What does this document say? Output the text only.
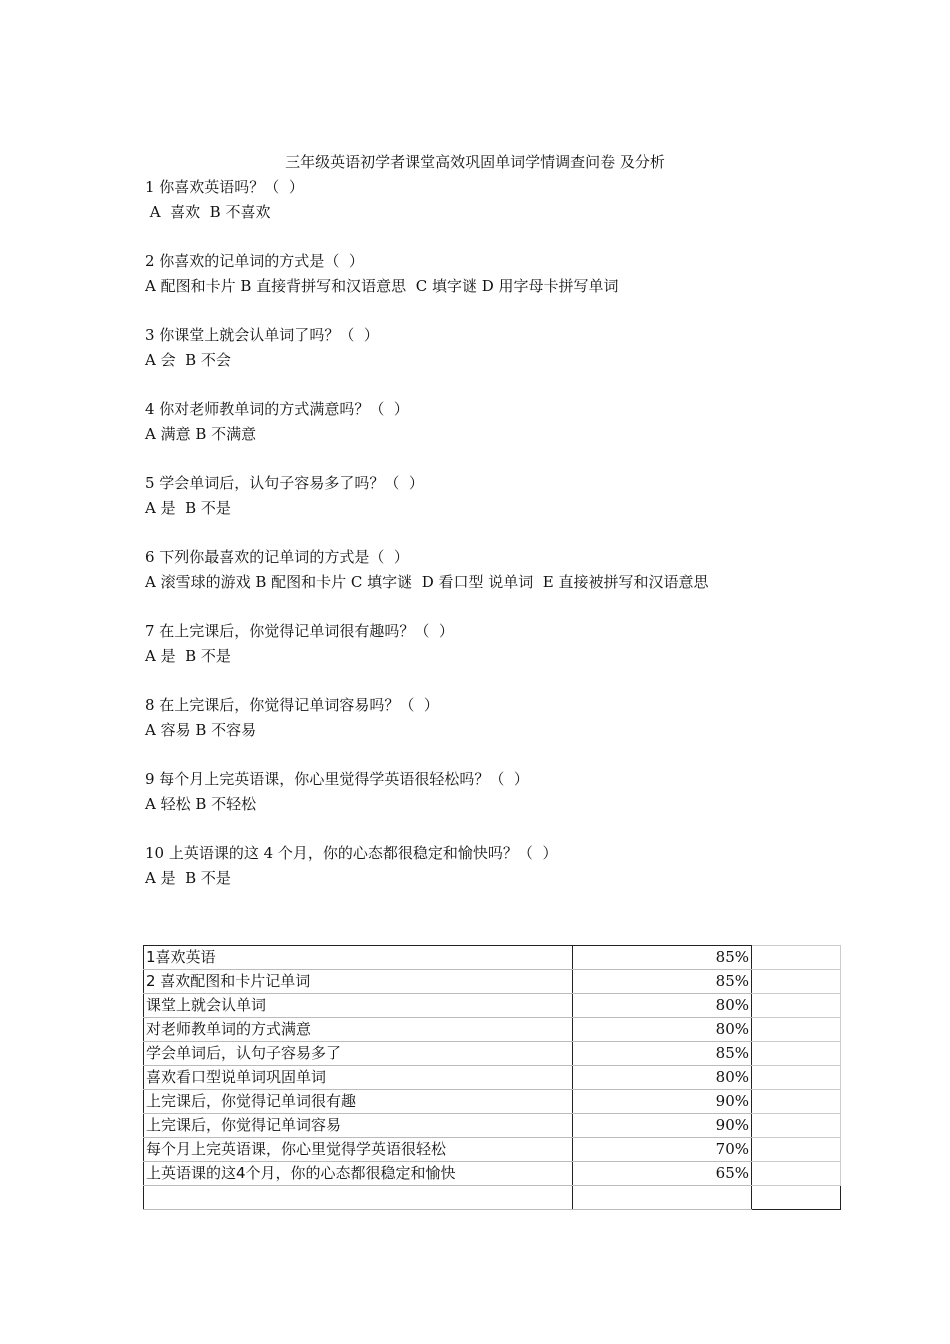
三年级英语初学者课堂高效巩固单词学情调查问卷 及分析
1 你喜欢英语吗？（  ）
A  喜欢  B 不喜欢
2 你喜欢的记单词的方式是（  ）
A 配图和卡片 B 直接背拼写和汉语意思  C 填字谜 D 用字母卡拼写单词
3 你课堂上就会认单词了吗？（  ）
A 会  B 不会
4 你对老师教单词的方式满意吗？（  ）
A 满意 B 不满意
5 学会单词后，认句子容易多了吗？（  ）
A 是  B 不是
6 下列你最喜欢的记单词的方式是（  ）
A 滚雪球的游戏 B 配图和卡片 C 填字谜  D 看口型 说单词  E 直接被拼写和汉语意思
7 在上完课后，你觉得记单词很有趣吗？（  ）
A 是  B 不是
8 在上完课后，你觉得记单词容易吗？（  ）
A 容易 B 不容易
9 每个月上完英语课，你心里觉得学英语很轻松吗？（  ）
A 轻松 B 不轻松
10 上英语课的这 4 个月，你的心态都很稳定和愉快吗？（  ）
A 是  B 不是
1喜欢英语	85%	
2 喜欢配图和卡片记单词	85%	
课堂上就会认单词	80%	
对老师教单词的方式满意	80%	
学会单词后，认句子容易多了	85%	
喜欢看口型说单词巩固单词	80%	
上完课后，你觉得记单词很有趣	90%	
上完课后，你觉得记单词容易	90%	
每个月上完英语课，你心里觉得学英语很轻松	70%	
上英语课的这4个月，你的心态都很稳定和愉快	65%	
